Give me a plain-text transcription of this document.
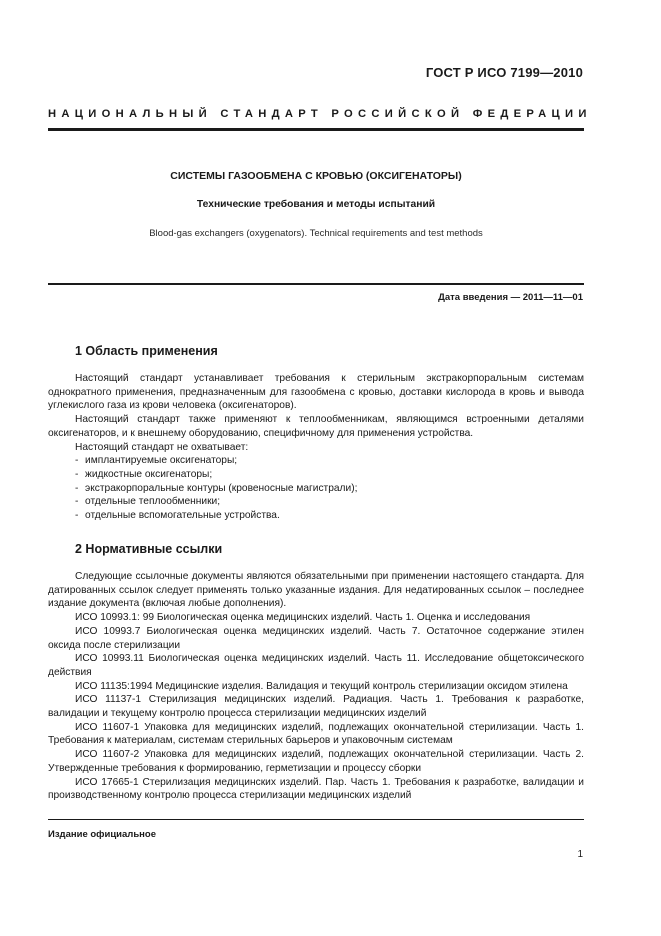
ГОСТ Р ИСО 7199—2010
НАЦИОНАЛЬНЫЙ СТАНДАРТ РОССИЙСКОЙ ФЕДЕРАЦИИ
СИСТЕМЫ ГАЗООБМЕНА С КРОВЬЮ (ОКСИГЕНАТОРЫ)
Технические требования и методы испытаний
Blood-gas exchangers (oxygenators). Technical requirements and test methods
Дата введения — 2011—11—01
1 Область применения

Настоящий стандарт устанавливает требования к стерильным экстракорпоральным системам однократного применения, предназначенным для газообмена с кровью, доставки кислорода в кровь и вывода углекислого газа из крови человека (оксигенаторов).

Настоящий стандарт также применяют к теплообменникам, являющимся встроенными деталями оксигенаторов, и к внешнему оборудованию, специфичному для применения устройства.

Настоящий стандарт не охватывает:

- имплантируемые оксигенаторы;
- жидкостные оксигенаторы;
- экстракорпоральные контуры (кровеносные магистрали);
- отдельные теплообменники;
- отдельные вспомогательные устройства.
2 Нормативные ссылки

Следующие ссылочные документы являются обязательными при применении настоящего стандарта. Для датированных ссылок следует применять только указанные издания. Для недатированных ссылок – последнее издание документа (включая любые дополнения).

ИСО 10993.1: 99 Биологическая оценка медицинских изделий. Часть 1. Оценка и исследования

ИСО 10993.7 Биологическая оценка медицинских изделий. Часть 7. Остаточное содержание этилен оксида после стерилизации

ИСО 10993.11 Биологическая оценка медицинских изделий. Часть 11. Исследование общетоксического действия

ИСО 11135:1994 Медицинские изделия. Валидация и текущий контроль стерилизации оксидом этилена

ИСО 11137-1 Стерилизация медицинских изделий. Радиация. Часть 1. Требования к разработке, валидации и текущему контролю процесса стерилизации медицинских изделий

ИСО 11607-1 Упаковка для медицинских изделий, подлежащих окончательной стерилизации. Часть 1. Требования к материалам, системам стерильных барьеров и упаковочным системам

ИСО 11607-2 Упаковка для медицинских изделий, подлежащих окончательной стерилизации. Часть 2. Утвержденные требования к формированию, герметизации и процессу сборки

ИСО 17665-1 Стерилизация медицинских изделий. Пар. Часть 1. Требования к разработке, валидации и производственному контролю процесса стерилизации медицинских изделий

Издание официальное
1
